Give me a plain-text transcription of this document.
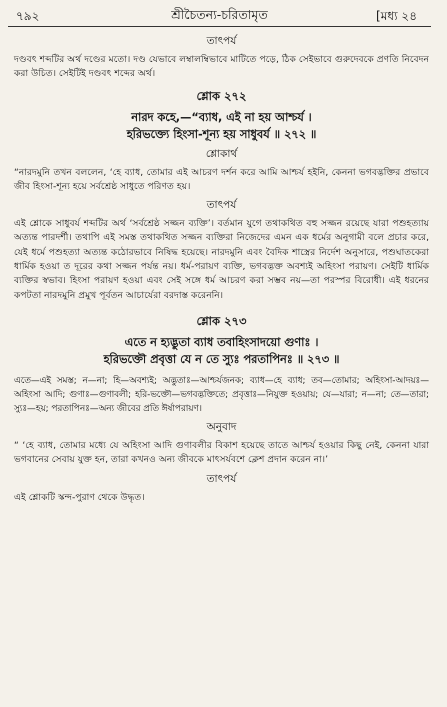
৭৯২	শ্রীচৈতন্য-চরিতামৃত	[মধ্য ২৪
তাৎপর্য

দণ্ডবৎ শব্দটির অর্থ দণ্ডের মতো। দণ্ড যেভাবে লম্বালম্বিভাবে মাটিতে পড়ে, ঠিক সেইভাবে গুরুদেবকে প্রণতি নিবেদন করা উচিত। সেইটিই দণ্ডবৎ শব্দের অর্থ।

শ্লোক ২৭২

নারদ কহে,—“ব্যাধ, এই না হয় আশ্চর্য ।

হরিভক্ত্যে হিংসা-শূন্য হয় সাধুবর্য ॥ ২৭২ ॥

শ্লোকার্থ

“নারদমুনি তখন বললেন, ‘হে ব্যাধ, তোমার এই আচরণ দর্শন করে আমি আশ্চর্য হইনি, কেননা ভগবদ্ভক্তির প্রভাবে জীব হিংসা-শূন্য হয়ে সর্বশ্রেষ্ঠ সাধুতে পরিণত হয়।

তাৎপর্য

এই শ্লোকে সাধুবর্য শব্দটির অর্থ ‘সর্বশ্রেষ্ঠ সজ্জন ব্যক্তি’। বর্তমান যুগে তথাকথিত বহু সজ্জন রয়েছে যারা পশুহত্যায় অত্যন্ত পারদর্শী। তথাপি এই সমস্ত তথাকথিত সজ্জন ব্যক্তিরা নিজেদের এমন এক ধর্মের অনুগামী বলে প্রচার করে, যেই ধর্মে পশুহত্যা অত্যন্ত কঠোরভাবে নিষিদ্ধ হয়েছে। নারদমুনি এবং বৈদিক শাস্ত্রের নির্দেশ অনুসারে, পশুঘাতকেরা ধার্মিক হওয়া ত দূরের কথা সজ্জন পর্যন্ত নয়। ধর্ম-পরায়ণ ব্যক্তি, ভগবদ্ভক্ত অবশ্যই অহিংসা পরায়ণ। সেইটি ধার্মিক ব্যক্তির স্বভাব। হিংসা পরায়ণ হওয়া এবং সেই সঙ্গে ধর্ম আচরণ করা সম্ভব নয়—তা পরস্পর বিরোধী। এই ধরনের কপটতা নারদমুনি প্রমুখ পূর্বতন আচার্যেরা বরদাস্ত করেননি।

শ্লোক ২৭৩

এতে ন হ্যদ্ভুতা ব্যাধ তবাহিংসাদয়ো গুণাঃ ।

হরিভক্তৌ প্রবৃত্তা যে ন তে স্যুঃ পরতাপিনঃ ॥ ২৭৩ ॥

এতে—এই সমস্ত; ন—না; হি—অবশ্যই; অদ্ভুতাঃ—আশ্চর্যজনক; ব্যাধ—হে ব্যাধ; তব—তোমার; অহিংসা-আদয়ঃ—অহিংসা আদি; গুণাঃ—গুণাবলী; হরি-ভক্তৌ—ভগবদ্ভক্তিতে; প্রবৃত্তাঃ—নিযুক্ত হওয়ায়; যে—যারা; ন—না; তে—তারা; স্যুঃ—হয়; পরতাপিনঃ—অন্য জীবের প্রতি ঈর্ষাপরায়ণ।

অনুবাদ

“ ‘হে ব্যাধ, তোমার মধ্যে যে অহিংসা আদি গুণাবলীর বিকাশ হয়েছে তাতে আশ্চর্য হওয়ার কিছু নেই, কেননা যারা ভগবানের সেবায় যুক্ত হন, তারা কখনও অন্য জীবকে মাৎসর্যবশে ক্লেশ প্রদান করেন না।’

তাৎপর্য

এই শ্লোকটি স্কন্দ-পুরাণ থেকে উদ্ধৃত।
